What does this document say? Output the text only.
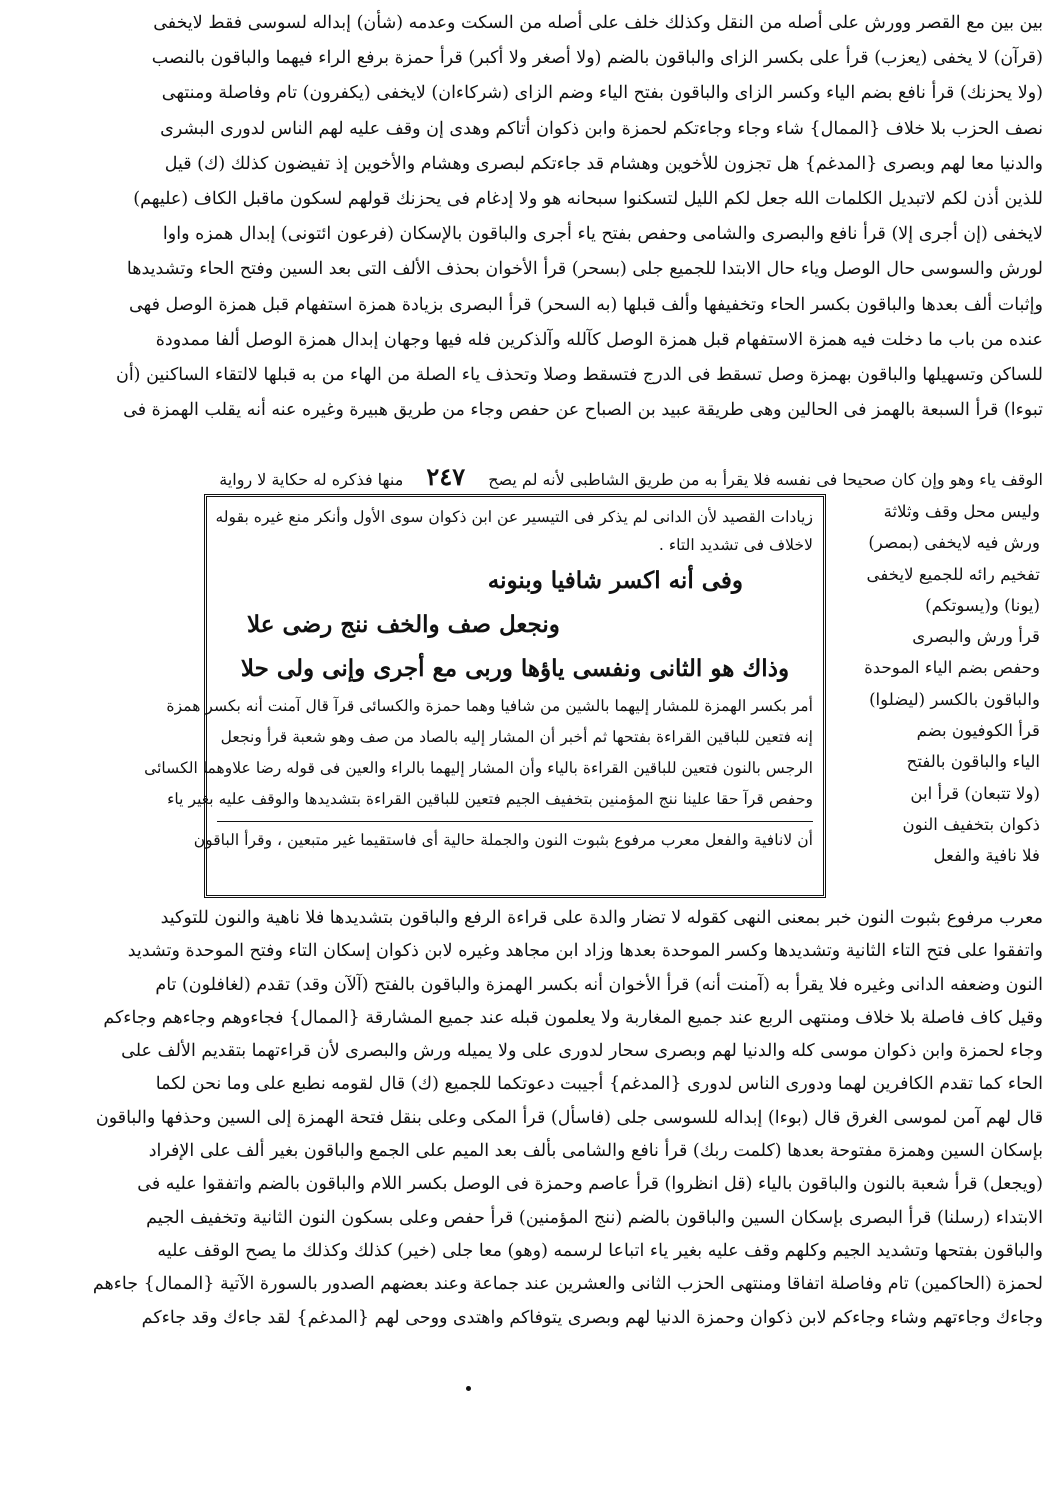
بين بين مع القصر وورش على أصله من النقل وكذلك خلف على أصله من السكت وعدمه (شأن) إبداله لسوسى فقط لايخفى
(قرآن) لا يخفى (يعزب) قرأ على بكسر الزاى والباقون بالضم (ولا أصغر ولا أكبر) قرأ حمزة برفع الراء فيهما والباقون بالنصب
(ولا يحزنك) قرأ نافع بضم الياء وكسر الزاى والباقون بفتح الياء وضم الزاى (شركاءان) لايخفى (يكفرون) تام وفاصلة ومنتهى
نصف الحزب بلا خلاف {الممال} شاء وجاء وجاءتكم لحمزة وابن ذكوان أتاكم وهدى إن وقف عليه لهم الناس لدورى البشرى
والدنيا معا لهم وبصرى {المدغم} هل تجزون للأخوين وهشام قد جاءتكم لبصرى وهشام والأخوين إذ تفيضون كذلك (ك) قيل
للذين أذن لكم لاتبديل الكلمات الله جعل لكم الليل لتسكنوا سبحانه هو ولا إدغام فى يحزنك قولهم لسكون ماقبل الكاف (عليهم)
لايخفى (إن أجرى إلا) قرأ نافع والبصرى والشامى وحفص بفتح ياء أجرى والباقون بالإسكان (فرعون ائتونى) إبدال همزه واوا
لورش والسوسى حال الوصل وياء حال الابتدا للجميع جلى (بسحر) قرأ الأخوان بحذف الألف التى بعد السين وفتح الحاء وتشديدها
وإثبات ألف بعدها والباقون بكسر الحاء وتخفيفها وألف قبلها (به السحر) قرأ البصرى بزيادة همزة استفهام قبل همزة الوصل فهى
عنده من باب ما دخلت فيه همزة الاستفهام قبل همزة الوصل كآلله وآلذكرين فله فيها وجهان إبدال همزة الوصل ألفا ممدودة
للساكن وتسهيلها والباقون بهمزة وصل تسقط فى الدرج فتسقط وصلا وتحذف ياء الصلة من الهاء من به قبلها لالتقاء الساكنين (أن
تبوءا) قرأ السبعة بالهمز فى الحالين وهى طريقة عبيد بن الصباح عن حفص وجاء من طريق هبيرة وغيره عنه أنه يقلب الهمزة فى
الوقف ياء وهو وإن كان صحيحا فى نفسه فلا يقرأ به من طريق الشاطبى لأنه لم يصح ٢٤٧ منها فذكره له حكاية لا رواية
وليس محل وقف وثلاثة
ورش فيه لايخفى (بمصر)
تفخيم رائه للجميع لايخفى
(يونا) و(يسوتكم)
قرأ ورش والبصرى
وحفص بضم الياء الموحدة
والباقون بالكسر (ليضلوا)
قرأ الكوفيون بضم
الياء والباقون بالفتح
(ولا تتبعان) قرأ ابن
ذكوان بتخفيف النون
فلا نافية والفعل
زيادات القصيد لأن الدانى لم يذكر فى التيسير عن ابن ذكوان سوى الأول وأنكر منع غيره بقوله
لاخلاف فى تشديد التاء .
وفى أنه اكسر شافيا وبنونه
ونجعل صف والخف ننج رضى علا
وذاك هو الثانى ونفسى ياؤها وربى مع أجرى وإنى ولى حلا
أمر بكسر الهمزة للمشار إليهما بالشين من شافيا وهما حمزة والكسائى قرآ قال آمنت أنه بكسر همزة
إنه فتعين للباقين القراءة بفتحها ثم أخبر أن المشار إليه بالصاد من صف وهو شعبة قرأ ونجعل
الرجس بالنون فتعين للباقين القراءة بالياء وأن المشار إليهما بالراء والعين فى قوله رضا علاوهما الكسائى
وحفص قرآ حقا علينا ننج المؤمنين بتخفيف الجيم فتعين للباقين القراءة بتشديدها والوقف عليه بغير ياء
أن لانافية والفعل معرب مرفوع بثبوت النون والجملة حالية أى فاستقيما غير متبعين ، وقرأ الباقون
معرب مرفوع بثبوت النون خبر بمعنى النهى كقوله لا تضار والدة على قراءة الرفع والباقون بتشديدها فلا ناهية والنون للتوكيد
واتفقوا على فتح التاء الثانية وتشديدها وكسر الموحدة بعدها وزاد ابن مجاهد وغيره لابن ذكوان إسكان التاء وفتح الموحدة وتشديد
النون وضعفه الدانى وغيره فلا يقرأ به (آمنت أنه) قرأ الأخوان أنه بكسر الهمزة والباقون بالفتح (آلآن وقد) تقدم (لغافلون) تام
وقيل كاف فاصلة بلا خلاف ومنتهى الربع عند جميع المغاربة ولا يعلمون قبله عند جميع المشارقة {الممال} فجاءوهم وجاءهم وجاءكم
وجاء لحمزة وابن ذكوان موسى كله والدنيا لهم وبصرى سحار لدورى على ولا يميله ورش والبصرى لأن قراءتهما بتقديم الألف على
الحاء كما تقدم الكافرين لهما ودورى الناس لدورى {المدغم} أجيبت دعوتكما للجميع (ك) قال لقومه نطبع على وما نحن لكما
قال لهم آمن لموسى الغرق قال (بوءا) إبداله للسوسى جلى (فاسأل) قرأ المكى وعلى بنقل فتحة الهمزة إلى السين وحذفها والباقون
بإسكان السين وهمزة مفتوحة بعدها (كلمت ربك) قرأ نافع والشامى بألف بعد الميم على الجمع والباقون بغير ألف على الإفراد
(ويجعل) قرأ شعبة بالنون والباقون بالياء (قل انظروا) قرأ عاصم وحمزة فى الوصل بكسر اللام والباقون بالضم واتفقوا عليه فى
الابتداء (رسلنا) قرأ البصرى بإسكان السين والباقون بالضم (ننج المؤمنين) قرأ حفص وعلى بسكون النون الثانية وتخفيف الجيم
والباقون بفتحها وتشديد الجيم وكلهم وقف عليه بغير ياء اتباعا لرسمه (وهو) معا جلى (خير) كذلك وكذلك ما يصح الوقف عليه
لحمزة (الحاكمين) تام وفاصلة اتفاقا ومنتهى الحزب الثانى والعشرين عند جماعة وعند بعضهم الصدور بالسورة الآتية {الممال} جاءهم
وجاءك وجاءتهم وشاء وجاءكم لابن ذكوان وحمزة الدنيا لهم وبصرى يتوفاكم واهتدى ووحى لهم {المدغم} لقد جاءك وقد جاءكم
